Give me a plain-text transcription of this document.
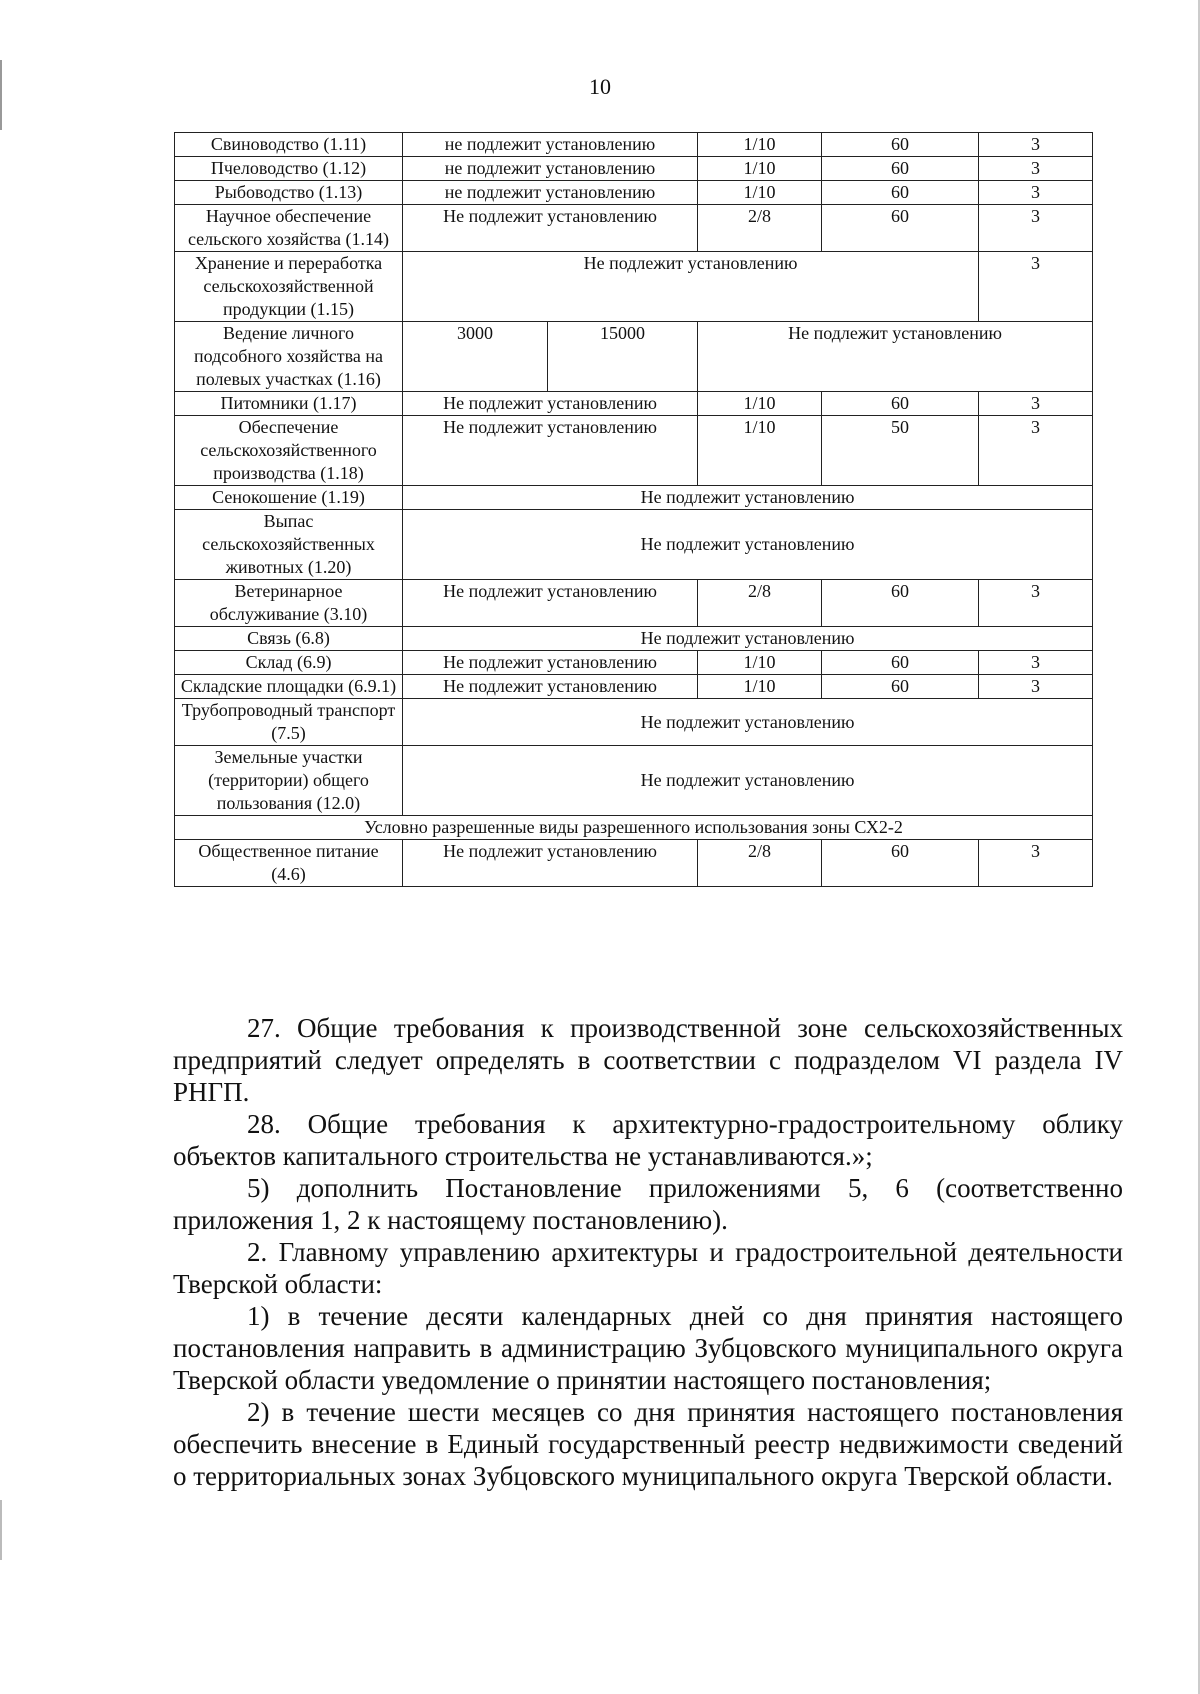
10
Свиноводство (1.11)	не подлежит установлению		1/10	60	3
Пчеловодство (1.12)	не подлежит установлению		1/10	60	3
Рыбоводство (1.13)	не подлежит установлению		1/10	60	3
Научное обеспечение сельского хозяйства (1.14)	Не подлежит установлению		2/8	60	3
Хранение и переработка сельскохозяйственной продукции (1.15)	Не подлежит установлению				3
Ведение личного подсобного хозяйства на полевых участках (1.16)	3000	15000	Не подлежит установлению		
Питомники (1.17)	Не подлежит установлению		1/10	60	3
Обеспечение сельскохозяйственного производства (1.18)	Не подлежит установлению		1/10	50	3
Сенокошение (1.19)	Не подлежит установлению				
Выпас сельскохозяйственных животных (1.20)	Не подлежит установлению				
Ветеринарное обслуживание (3.10)	Не подлежит установлению		2/8	60	3
Связь (6.8)	Не подлежит установлению				
Склад (6.9)	Не подлежит установлению		1/10	60	3
Складские площадки (6.9.1)	Не подлежит установлению		1/10	60	3
Трубопроводный транспорт (7.5)	Не подлежит установлению				
Земельные участки (территории) общего пользования (12.0)	Не подлежит установлению				
Условно разрешенные виды разрешенного использования зоны СХ2-2					
Общественное питание (4.6)	Не подлежит установлению		2/8	60	3

27. Общие требования к производственной зоне сельскохозяйственных предприятий следует определять в соответствии с подразделом VI раздела IV РНГП.

28. Общие требования к архитектурно-градостроительному облику объектов капитального строительства не устанавливаются.»;

5) дополнить Постановление приложениями 5, 6 (соответственно приложения 1, 2 к настоящему постановлению).

2. Главному управлению архитектуры и градостроительной деятельности Тверской области:

1) в течение десяти календарных дней со дня принятия настоящего постановления направить в администрацию Зубцовского муниципального округа Тверской области уведомление о принятии настоящего постановления;

2) в течение шести месяцев со дня принятия настоящего постановления обеспечить внесение в Единый государственный реестр недвижимости сведений о территориальных зонах Зубцовского муниципального округа Тверской области.
